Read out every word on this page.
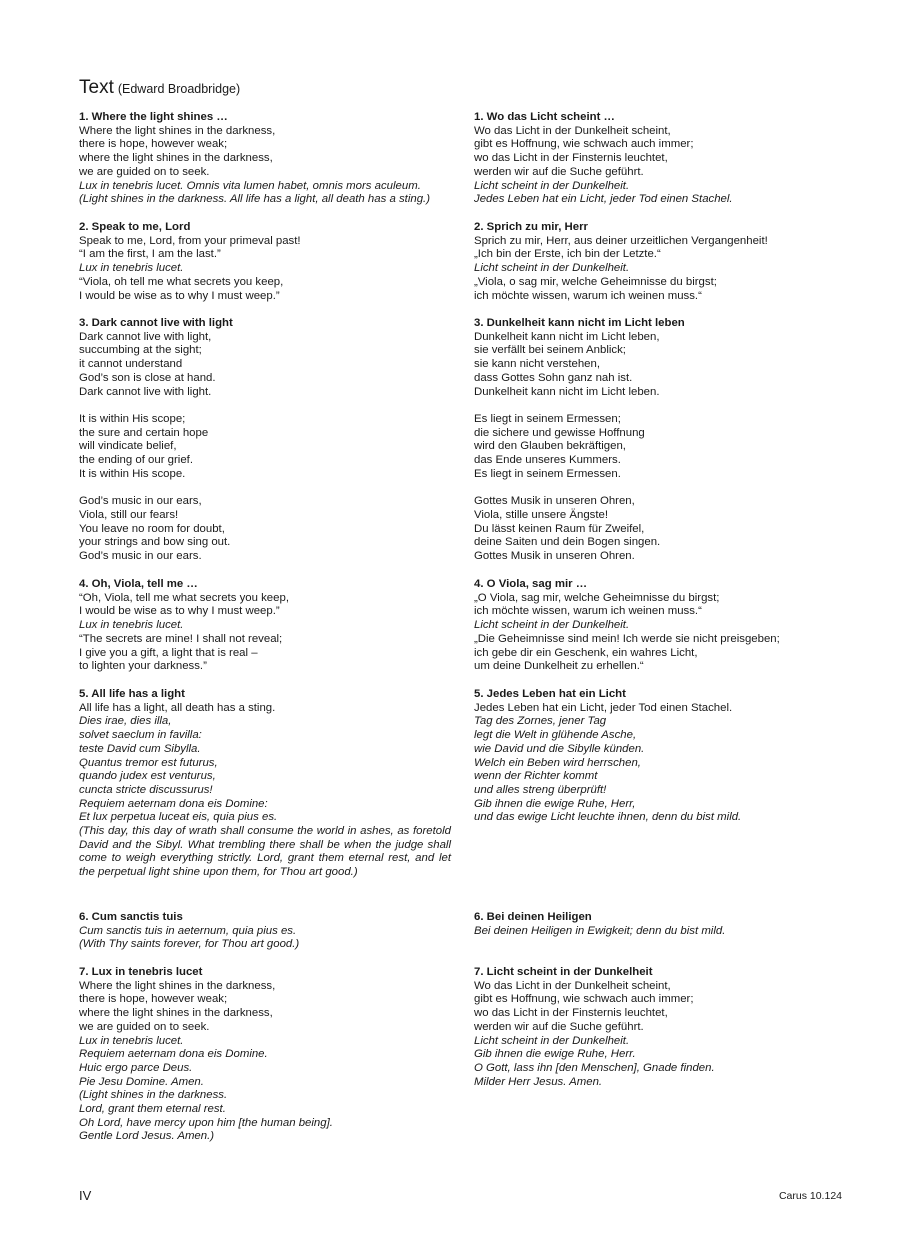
Text (Edward Broadbridge)
1. Where the light shines …
Where the light shines in the darkness,
there is hope, however weak;
where the light shines in the darkness,
we are guided on to seek.
Lux in tenebris lucet. Omnis vita lumen habet, omnis mors aculeum.
(Light shines in the darkness. All life has a light, all death has a sting.)
2. Speak to me, Lord
Speak to me, Lord, from your primeval past!
“I am the first, I am the last.”
Lux in tenebris lucet.
“Viola, oh tell me what secrets you keep,
I would be wise as to why I must weep.”
3. Dark cannot live with light
Dark cannot live with light,
succumbing at the sight;
it cannot understand
God’s son is close at hand.
Dark cannot live with light.
It is within His scope;
the sure and certain hope
will vindicate belief,
the ending of our grief.
It is within His scope.
God’s music in our ears,
Viola, still our fears!
You leave no room for doubt,
your strings and bow sing out.
God’s music in our ears.
4. Oh, Viola, tell me …
“Oh, Viola, tell me what secrets you keep,
I would be wise as to why I must weep.”
Lux in tenebris lucet.
“The secrets are mine! I shall not reveal;
I give you a gift, a light that is real –
to lighten your darkness.”
5. All life has a light
All life has a light, all death has a sting.
Dies irae, dies illa,
solvet saeclum in favilla:
teste David cum Sibylla.
Quantus tremor est futurus,
quando judex est venturus,
cuncta stricte discussurus!
Requiem aeternam dona eis Domine:
Et lux perpetua luceat eis, quia pius es.
(This day, this day of wrath shall consume the world in ashes, as foretold David and the Sibyl. What trembling there shall be when the judge shall come to weigh everything strictly. Lord, grant them eternal rest, and let the perpetual light shine upon them, for Thou art good.)
6. Cum sanctis tuis
Cum sanctis tuis in aeternum, quia pius es.
(With Thy saints forever, for Thou art good.)
7. Lux in tenebris lucet
Where the light shines in the darkness,
there is hope, however weak;
where the light shines in the darkness,
we are guided on to seek.
Lux in tenebris lucet.
Requiem aeternam dona eis Domine.
Huic ergo parce Deus.
Pie Jesu Domine. Amen.
(Light shines in the darkness.
Lord, grant them eternal rest.
Oh Lord, have mercy upon him [the human being].
Gentle Lord Jesus. Amen.)
1. Wo das Licht scheint …
Wo das Licht in der Dunkelheit scheint,
gibt es Hoffnung, wie schwach auch immer;
wo das Licht in der Finsternis leuchtet,
werden wir auf die Suche geführt.
Licht scheint in der Dunkelheit.
Jedes Leben hat ein Licht, jeder Tod einen Stachel.
2. Sprich zu mir, Herr
Sprich zu mir, Herr, aus deiner urzeitlichen Vergangenheit!
„Ich bin der Erste, ich bin der Letzte.“
Licht scheint in der Dunkelheit.
„Viola, o sag mir, welche Geheimnisse du birgst;
ich möchte wissen, warum ich weinen muss.“
3. Dunkelheit kann nicht im Licht leben
Dunkelheit kann nicht im Licht leben,
sie verfällt bei seinem Anblick;
sie kann nicht verstehen,
dass Gottes Sohn ganz nah ist.
Dunkelheit kann nicht im Licht leben.
Es liegt in seinem Ermessen;
die sichere und gewisse Hoffnung
wird den Glauben bekräftigen,
das Ende unseres Kummers.
Es liegt in seinem Ermessen.
Gottes Musik in unseren Ohren,
Viola, stille unsere Ängste!
Du lässt keinen Raum für Zweifel,
deine Saiten und dein Bogen singen.
Gottes Musik in unseren Ohren.
4. O Viola, sag mir …
„O Viola, sag mir, welche Geheimnisse du birgst;
ich möchte wissen, warum ich weinen muss.“
Licht scheint in der Dunkelheit.
„Die Geheimnisse sind mein! Ich werde sie nicht preisgeben;
ich gebe dir ein Geschenk, ein wahres Licht,
um deine Dunkelheit zu erhellen.“
5. Jedes Leben hat ein Licht
Jedes Leben hat ein Licht, jeder Tod einen Stachel.
Tag des Zornes, jener Tag
legt die Welt in glühende Asche,
wie David und die Sibylle künden.
Welch ein Beben wird herrschen,
wenn der Richter kommt
und alles streng überprüft!
Gib ihnen die ewige Ruhe, Herr,
und das ewige Licht leuchte ihnen, denn du bist mild.
6. Bei deinen Heiligen
Bei deinen Heiligen in Ewigkeit; denn du bist mild.
7. Licht scheint in der Dunkelheit
Wo das Licht in der Dunkelheit scheint,
gibt es Hoffnung, wie schwach auch immer;
wo das Licht in der Finsternis leuchtet,
werden wir auf die Suche geführt.
Licht scheint in der Dunkelheit.
Gib ihnen die ewige Ruhe, Herr.
O Gott, lass ihn [den Menschen], Gnade finden.
Milder Herr Jesus. Amen.
IV	Carus 10.124
